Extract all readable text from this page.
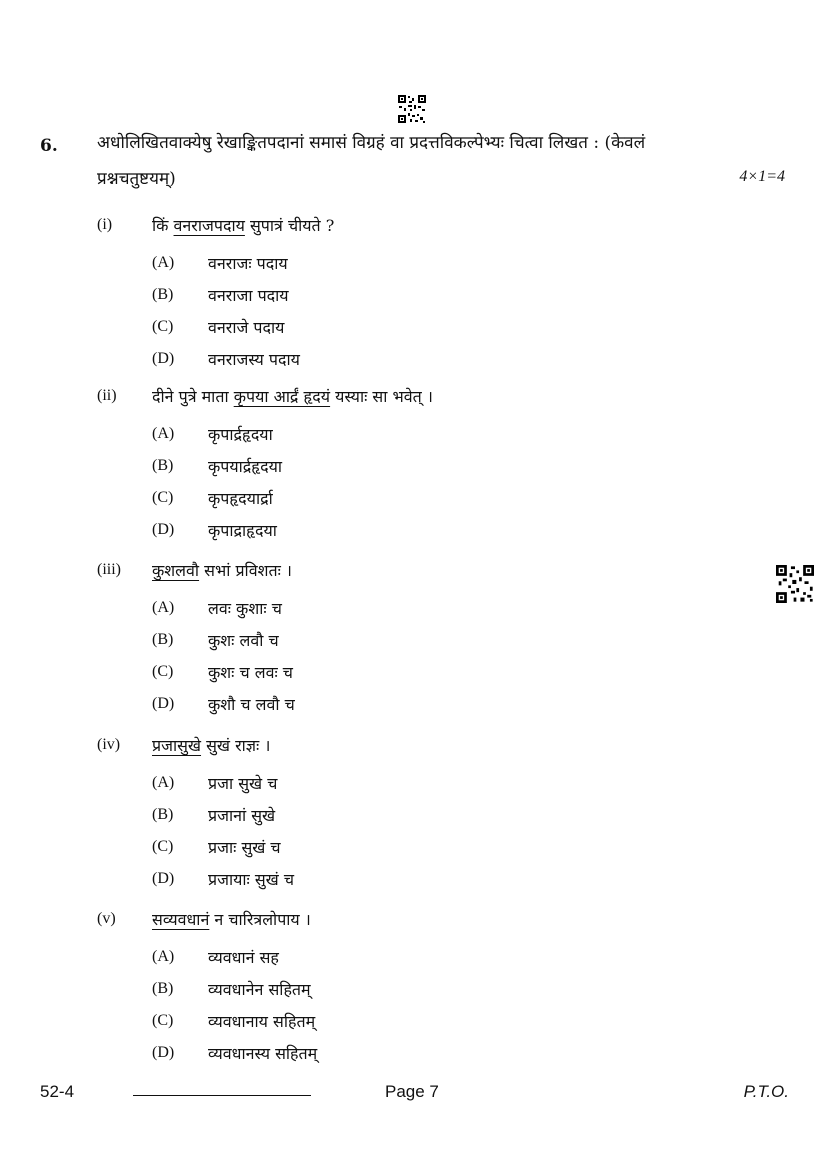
6. अधोलिखितवाक्येषु रेखाङ्कितपदानां समासं विग्रहं वा प्रदत्तविकल्पेभ्यः चित्वा लिखत : (केवलं
प्रश्नचतुष्टयम्)	4×1=4
(i) किं वनराजपदाय सुपात्रं चीयते ?
(A) वनराजः पदाय
(B) वनराजा पदाय
(C) वनराजे पदाय
(D) वनराजस्य पदाय
(ii) दीने पुत्रे माता कृपया आर्द्रं हृदयं यस्याः सा भवेत् ।
(A) कृपार्द्रहृदया
(B) कृपयार्द्रहृदया
(C) कृपहृदयार्द्रा
(D) कृपाद्राहृदया
(iii) कुशलवौ सभां प्रविशतः ।
(A) लवः कुशाः च
(B) कुशः लवौ च
(C) कुशः च लवः च
(D) कुशौ च लवौ च
(iv) प्रजासुखे सुखं राज्ञः ।
(A) प्रजा सुखे च
(B) प्रजानां सुखे
(C) प्रजाः सुखं च
(D) प्रजायाः सुखं च
(v) सव्यवधानं न चारित्रलोपाय ।
(A) व्यवधानं सह
(B) व्यवधानेन सहितम्
(C) व्यवधानाय सहितम्
(D) व्यवधानस्य सहितम्
52-4	Page 7	P.T.O.
